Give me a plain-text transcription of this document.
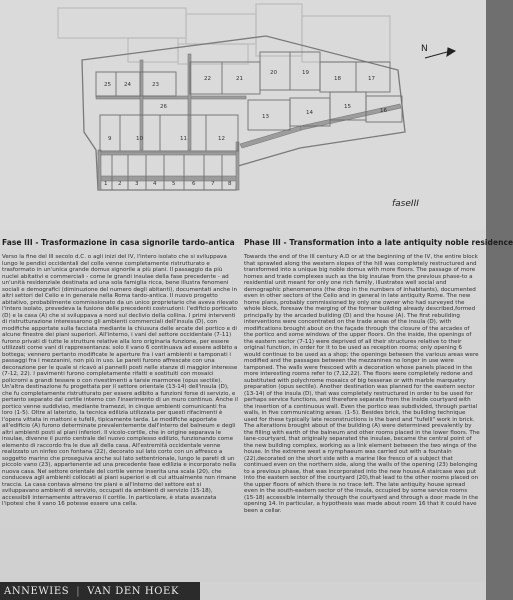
1 2 3	4	5	6	7 8
9	10	11	12
13
14
15
16
17
18
19
20
21
22
23
24
25
26
N
faseIII
Fase III - Trasformazione in casa signorile tardo-antica

Verso la fine del III secolo d.C. o agli inizi del IV, l'intero isolato che si sviluppava lungo le pendici occidentali del colle venne completamente ristrutturato e trasformato in un'unica grande domus signorile a più piani. Il passaggio da più nuclei abitativi e commerciali - come le grandi insulae della fase precedente - ad un'unità residenziale destinata ad una sola famiglia ricca, bene illustra fenomeni sociali e demografici (diminuzione del numero degli abitanti), documentati anche in altri settori del Celio e in generale nella Roma tardo-antica. Il nuovo progetto abitativo, probabilmente commissionato da un unico proprietario che aveva rilevato l'intero isolato, prevedeva la fusione delle precedenti costruzioni: l'edificio porticato (D) e la casa (A) che si sviluppava a nord sul declivio della collina. I primi interventi di ristrutturazione interessarono gli ambienti commerciali dell'insula (D), con modifiche apportate sulla facciata mediante la chiusura delle arcate del portico e di alcune finestre dei piani superiori. All'interno, i vani del settore occidentale (7-11) furono privati di tutte le strutture relative alla loro originaria funzione, per essere utilizzati come vani di rappresentanza: solo il vano 6 continuava ad essere adibito a bottega; vennero pertanto modificate le aperture fra i vari ambienti e tamponati i passaggi fra i mezzanini, non più in uso. Le pareti furono affrescate con una decorazione per le quale si ricavò ai pannelli posti nelle stanze di maggior interesse (7-12, 22). I pavimenti furono completamente rifatti e sostituiti con mosaici policromi a grandi tessere o con rivestimenti a tarsie marmoree (opus sectile). Un'altra destinazione fu progettata per il settore orientale (13-14) dell'insula (D), che fu completamente ristrutturato per essere adibito a funzioni forse di servizio, e pertanto separato dal cortile interno con l'inserimento di un muro continuo. Anche il portico venne suddiviso, mediante tramezzi, in cinque ambienti comunicanti fra loro (1-5). Oltre al laterizio, la tecnica edilizia utilizzata per questi rifacimenti è l'opera vittata in mattoni e tufelli, tipicamente tarda. Le modifiche apportate all'edificio (A) furono determinate prevalentemente dall'interro del balneum e degli altri ambienti posti al piani inferiori. Il vicolo-cortile, che in origine separava le insulae, divenne il punto centrale del nuovo complesso edilizio, funzionando come elemento di raccordo fra le due ali della casa. All'estremità occidentale venne realizzato un ninfeo con fontana (22), decorato sul lato corto con un affresco a soggetto marino che proseguiva anche sul lato settentrionale, lungo le pareti di un piccolo vano (23), appartenente ad una precedente fase edilizia e incorporato nella nuova casa. Nel settore orientale del cortile venne inserita una scala (20), che conduceva agli ambienti collocati ai piani superiori e di cui attualmente non rimane traccia. La casa contava almeno tre piani e all'interno del settore est si sviluppavano ambienti di servizio, occupati da ambienti di servizio (15-18), accessibili internamente attraverso il cortile. In particolare, è stata avanzata l'ipotesi che il vano 16 potesse essere una cella.

Phase III - Transformation into a late antiquity noble residence

Towards the end of the III century A.D or at the beginning of the IV, the entire block that sprawled along the western slopes of the hill was completely restructured and transformed into a unique big noble domus with more floors. The passage of more homes and trade complexes such as the big insulae from the previous phase-to a residential unit meant for only one rich family, illustrates well social and demographic phenomenons (the drop in the numbers of inhabitants), documented even in other sectors of the Celio and in general in late antiquity Rome. The new home plans, probably commissioned by only one owner who had surveyed the whole block, foresaw the merging of the former building already described,formed principally by the arcaded building (D) and the house (A). The first rebuilding interventions were concentrated on the trade areas of the insula (D), with modifications brought about on the façade through the closure of the arcades of the portico and some windows of the upper floors. On the inside, the openings of the eastern sector (7-11) were deprived of all their structures relative to their original function, in order for it to be used as reception rooms; only opening 6 would continue to be used as a shop; the openings between the various areas were modified and the passages between the mezzanines no longer in use were tamponed. The walls were frescoed with a decoration whose panels placed in the more interesting rooms refer to (7,12,22). The floors were completely redone and substituted with polychrome mosaics of big tesserae or with marble marquetry preparation (opus sectile). Another destination was planned for the eastern sector (13-14) of the insula (D), that was completely restructured in order to be used for perhaps service functions, and therefore separate from the inside courtyard with the insertion of a continuous wall. Even the portico was subdivided, through partial walls, in five communicating areas. (1-5). Besides brick, the building technique used for these typically late reconstructions is the band and "tufelli" work in brick. The alterations brought about of the building (A) were determined prevalently by the filling with earth of the balneum and other rooms placed in the lower floors. The lane-courtyard, that originally separated the insulae, became the central point of the new building complex, working as a link element between the two wings of the house. In the extreme west a nymphaeum was carried out with a fountain (22),decorated on the short side with a marine like fresco of a subject that continued even on the northern side, along the walls of the opening (23) belonging to a previous phase, that was incorporated into the new house.A staircase was put into the eastern sector of the courtyard (20),that lead to the other rooms placed on the upper floors of which there is no trace left. The late antiquity house spread even in the south-eastern sector of the insula, occupied by some service rooms (15-18) accessible internally through the courtyard and through a door made in the opening 14. In particular, a hypothesis was made about room 16 that it could have been a cellar.

ANNEWIES | VAN DEN HOEK
